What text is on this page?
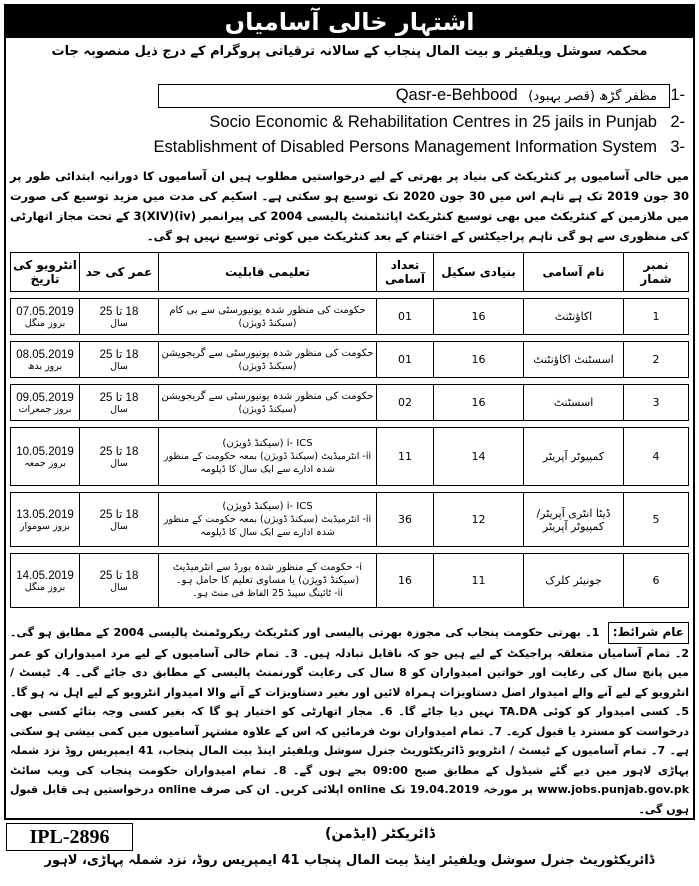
اشتہار خالی آسامیاں
محکمہ سوشل ویلفیئر و بیت المال پنجاب کے سالانہ ترقیاتی پروگرام کے درج ذیل منصوبہ جات
1-
Qasr-e-Behbood (قصر بہبود) مظفر گڑھ
2-
Socio Economic & Rehabilitation Centres in 25 jails in Punjab
3-
Establishment of Disabled Persons Management Information System
میں خالی آسامیوں پر کنٹریکٹ کی بنیاد پر بھرتی کے لیے درخواستیں مطلوب ہیں ان آسامیوں کا دورانیہ ابتدائی طور پر 30 جون 2019 تک ہے تاہم اس میں 30 جون 2020 تک توسیع ہو سکتی ہے۔ اسکیم کی مدت میں مزید توسیع کی صورت میں ملازمین کے کنٹریکٹ میں بھی توسیع کنٹریکٹ اپائنٹمنٹ پالیسی 2004 کی پیرانمبر (iv)(XIV)3 کے تحت مجاز اتھارٹی کی منظوری سے ہو گی تاہم پراجیکٹس کے اختتام کے بعد کنٹریکٹ میں کوئی توسیع نہیں ہو گی۔
نمبر شمار	نام آسامی	بنیادی سکیل	تعداد آسامی	تعلیمی قابلیت	عمر کی حد	انٹرویو کی تاریخ

1	اکاؤنٹنٹ	16	01	حکومت کی منظور شدہ یونیورسٹی سے بی کام
(سیکنڈ ڈویژن)	18 تا 25
سال	07.05.2019
بروز منگل

2	اسسٹنٹ اکاؤنٹنٹ	16	01	حکومت کی منظور شدہ یونیورسٹی سے گریجویشن
(سیکنڈ ڈویژن)	18 تا 25
سال	08.05.2019
بروز بدھ

3	اسسٹنٹ	16	02	حکومت کی منظور شدہ یونیورسٹی سے گریجویشن
(سیکنڈ ڈویژن)	18 تا 25
سال	09.05.2019
بروز جمعرات

4	کمپیوٹر آپریٹر	14	11	i- ICS (سیکنڈ ڈویژن)
ii- انٹرمیڈیٹ (سیکنڈ ڈویژن) بمعہ حکومت کے منظور شدہ ادارے سے ایک سال کا ڈپلومہ	18 تا 25
سال	10.05.2019
بروز جمعہ

5	ڈیٹا انٹری آپریٹر/کمپیوٹر آپریٹر	12	36	i- ICS (سیکنڈ ڈویژن)
ii- انٹرمیڈیٹ (سیکنڈ ڈویژن) بمعہ حکومت کے منظور شدہ ادارے سے ایک سال کا ڈپلومہ	18 تا 25
سال	13.05.2019
بروز سوموار

6	جونیئر کلرک	11	16	i- حکومت کے منظور شدہ بورڈ سے انٹرمیڈیٹ (سیکنڈ ڈویژن) یا مساوی تعلیم کا حامل ہو۔
ii- ٹائپنگ سپیڈ 25 الفاظ فی منٹ ہو۔	18 تا 25
سال	14.05.2019
بروز منگل
عام شرائط: 1۔ بھرتی حکومت پنجاب کی مجوزہ بھرتی پالیسی اور کنٹریکٹ ریکروٹمنٹ پالیسی 2004 کے مطابق ہو گی۔ 2۔ تمام آسامیاں متعلقہ پراجیکٹ کے لیے ہیں جو کہ ناقابل تبادلہ ہیں۔ 3۔ تمام خالی آسامیوں کے لیے مرد امیدواران کو عمر میں پانچ سال کی رعایت اور خواتین امیدواران کو 8 سال کی رعایت گورنمنٹ پالیسی کے مطابق دی جائے گی۔ 4۔ ٹیسٹ / انٹرویو کے لیے آنے والے امیدوار اصل دستاویزات ہمراہ لائیں اور بغیر دستاویزات کے آنے والا امیدوار انٹرویو کے لیے اہل نہ ہو گا۔ 5۔ کسی امیدوار کو کوئی TA.DA نہیں دیا جائے گا۔ 6۔ مجاز اتھارٹی کو اختیار ہو گا کہ بغیر کسی وجہ بتائے کسی بھی درخواست کو مسترد یا قبول کرے۔ 7۔ تمام امیدواران نوٹ فرمائیں کہ اس کے علاوہ مشتہر آسامیوں میں کمی بیشی ہو سکتی ہے۔ 7۔ تمام آسامیوں کے ٹیسٹ / انٹرویو ڈائریکٹوریٹ جنرل سوشل ویلفیئر اینڈ بیت المال پنجاب، 41 ایمپریس روڈ نزد شملہ پہاڑی لاہور میں دیے گئے شیڈول کے مطابق صبح 09:00 بجے ہوں گے۔ 8۔ تمام امیدواران حکومت پنجاب کی ویب سائٹ www.jobs.punjab.gov.pk پر مورخہ 19.04.2019 تک online اپلائی کریں۔ ان کی صرف online درخواستیں ہی قابل قبول ہوں گی۔
IPL-2896	ڈائریکٹر (ایڈمن)
ڈائریکٹوریٹ جنرل سوشل ویلفیئر اینڈ بیت المال پنجاب 41 ایمپریس روڈ، نزد شملہ پہاڑی، لاہور
